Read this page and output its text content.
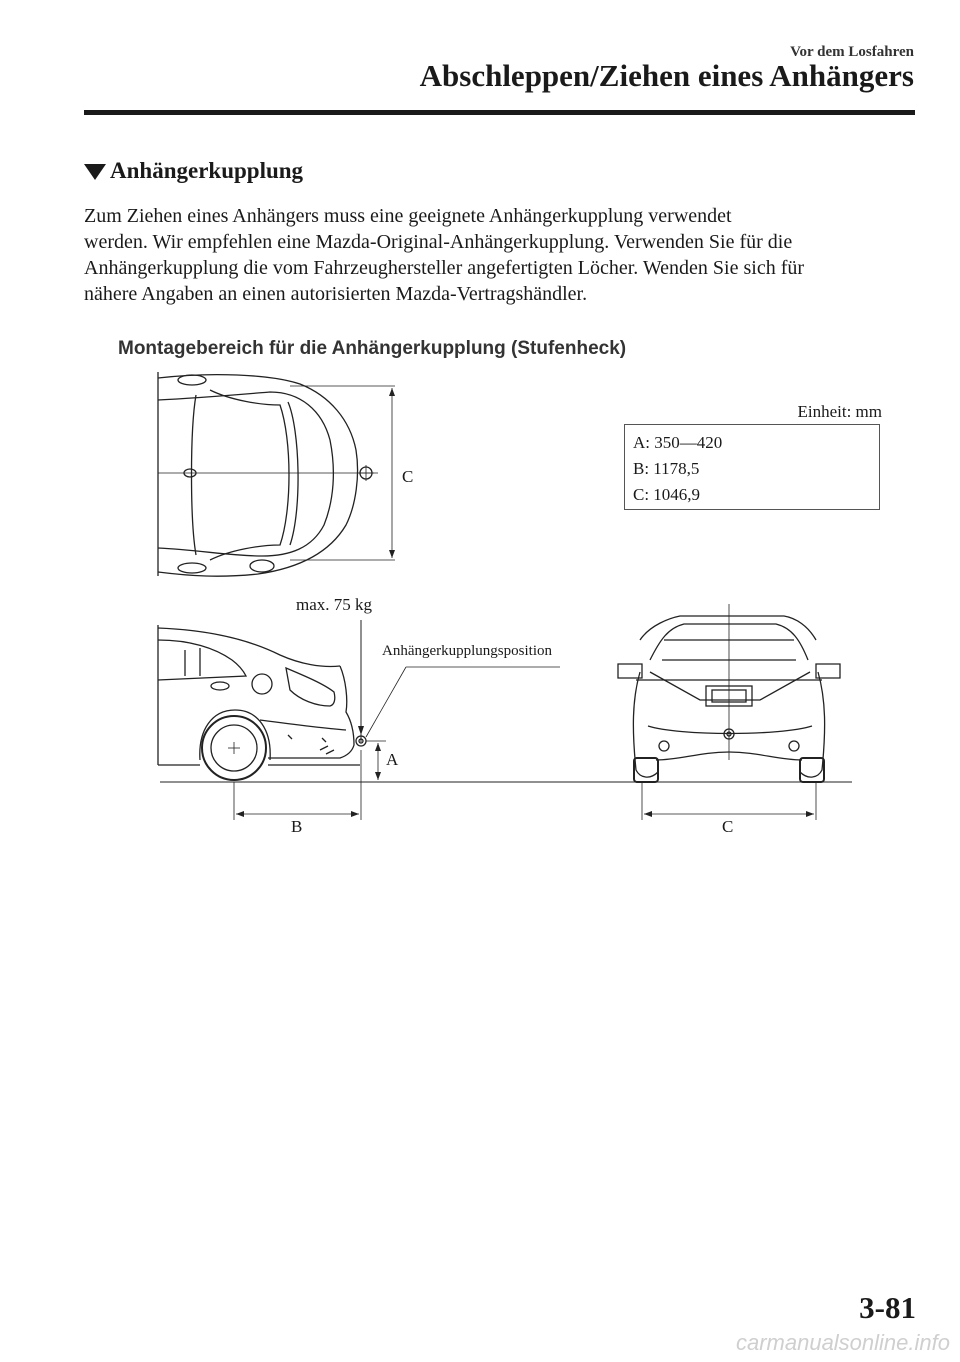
Vor dem Losfahren
Abschleppen/Ziehen eines Anhängers
Anhängerkupplung

Zum Ziehen eines Anhängers muss eine geeignete Anhängerkupplung verwendet

werden. Wir empfehlen eine Mazda-Original-Anhängerkupplung. Verwenden Sie für die

Anhängerkupplung die vom Fahrzeughersteller angefertigten Löcher. Wenden Sie sich für

nähere Angaben an einen autorisierten Mazda-Vertragshändler.

Montagebereich für die Anhängerkupplung (Stufenheck)
Einheit: mm
A: 350—420
B: 1178,5
C: 1046,9
C
max. 75 kg
Anhängerkupplungsposition
A
B	C
3-81
carmanualsonline.info
